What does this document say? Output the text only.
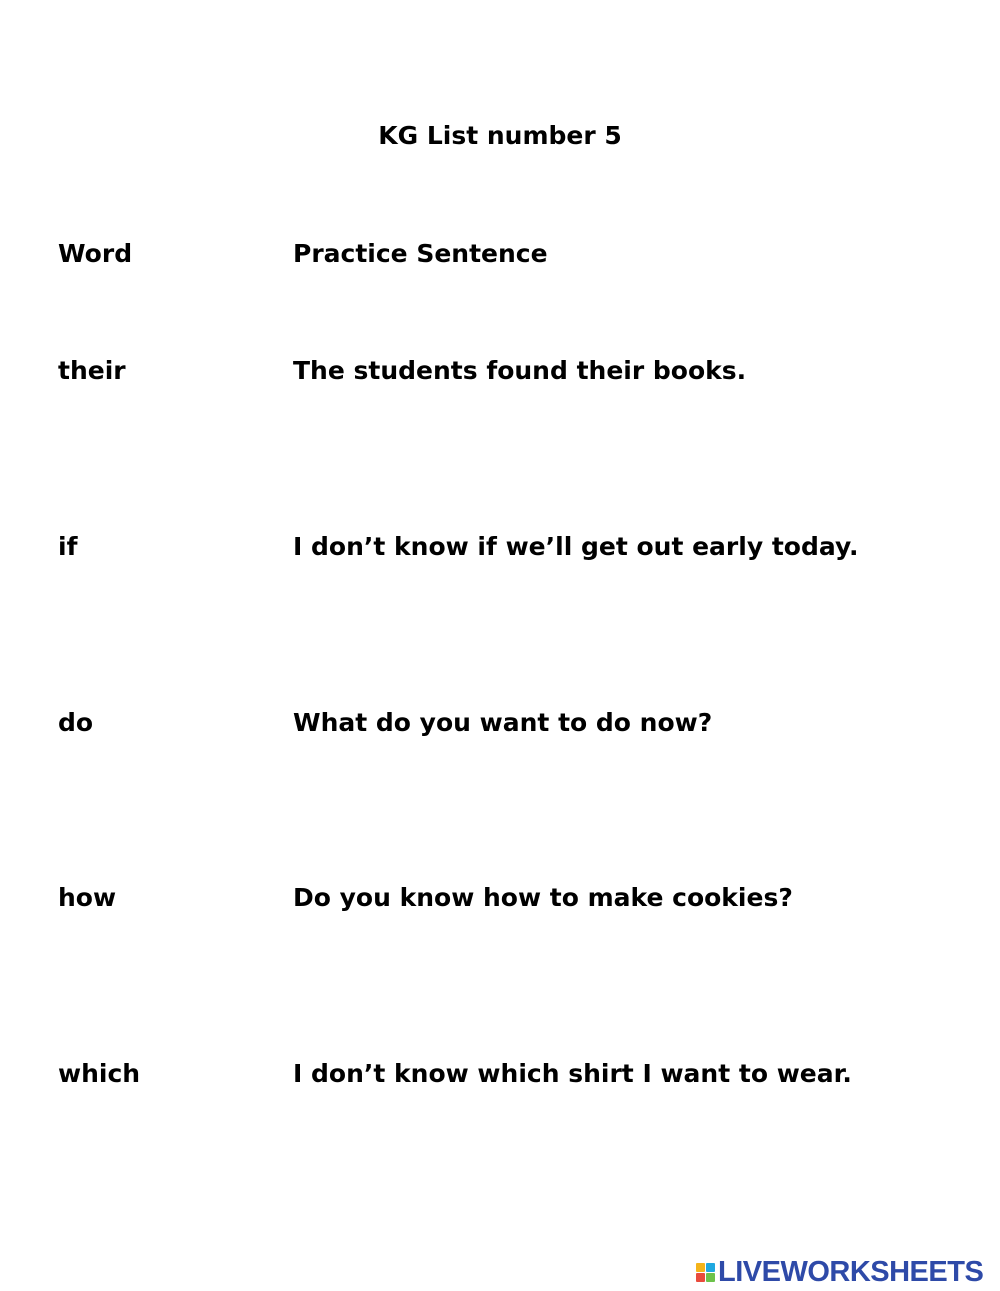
KG List number 5
Word	Practice Sentence
their	The students found their books.
if	I don’t know if we’ll get out early today.
do	What do you want to do now?
how	Do you know how to make cookies?
which	I don’t know which shirt I want to wear.
LIVEWORKSHEETS
